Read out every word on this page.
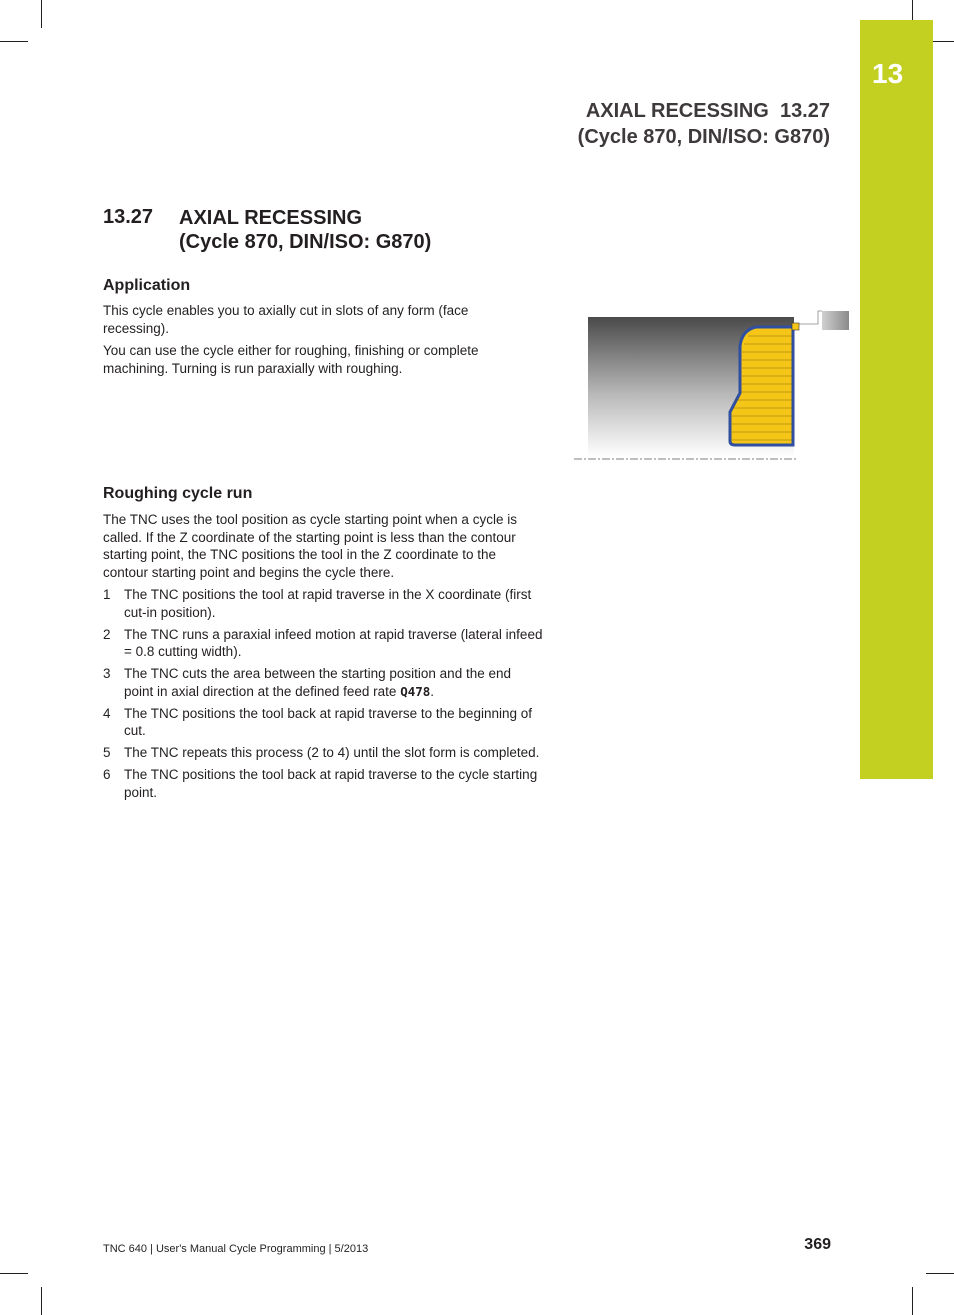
13
AXIAL RECESSING  13.27
(Cycle 870, DIN/ISO: G870)
13.27 AXIAL RECESSING
(Cycle 870, DIN/ISO: G870)
Application

This cycle enables you to axially cut in slots of any form (face recessing).

You can use the cycle either for roughing, finishing or complete machining. Turning is run paraxially with roughing.

Roughing cycle run

The TNC uses the tool position as cycle starting point when a cycle is called. If the Z coordinate of the starting point is less than the contour starting point, the TNC positions the tool in the Z coordinate to the contour starting point and begins the cycle there.

1 The TNC positions the tool at rapid traverse in the X coordinate (first cut-in position).
2 The TNC runs a paraxial infeed motion at rapid traverse (lateral infeed = 0.8 cutting width).
3 The TNC cuts the area between the starting position and the end point in axial direction at the defined feed rate Q478.
4 The TNC positions the tool back at rapid traverse to the beginning of cut.
5 The TNC repeats this process (2 to 4) until the slot form is completed.
6 The TNC positions the tool back at rapid traverse to the cycle starting point.
TNC 640 | User's Manual Cycle Programming | 5/2013	369
